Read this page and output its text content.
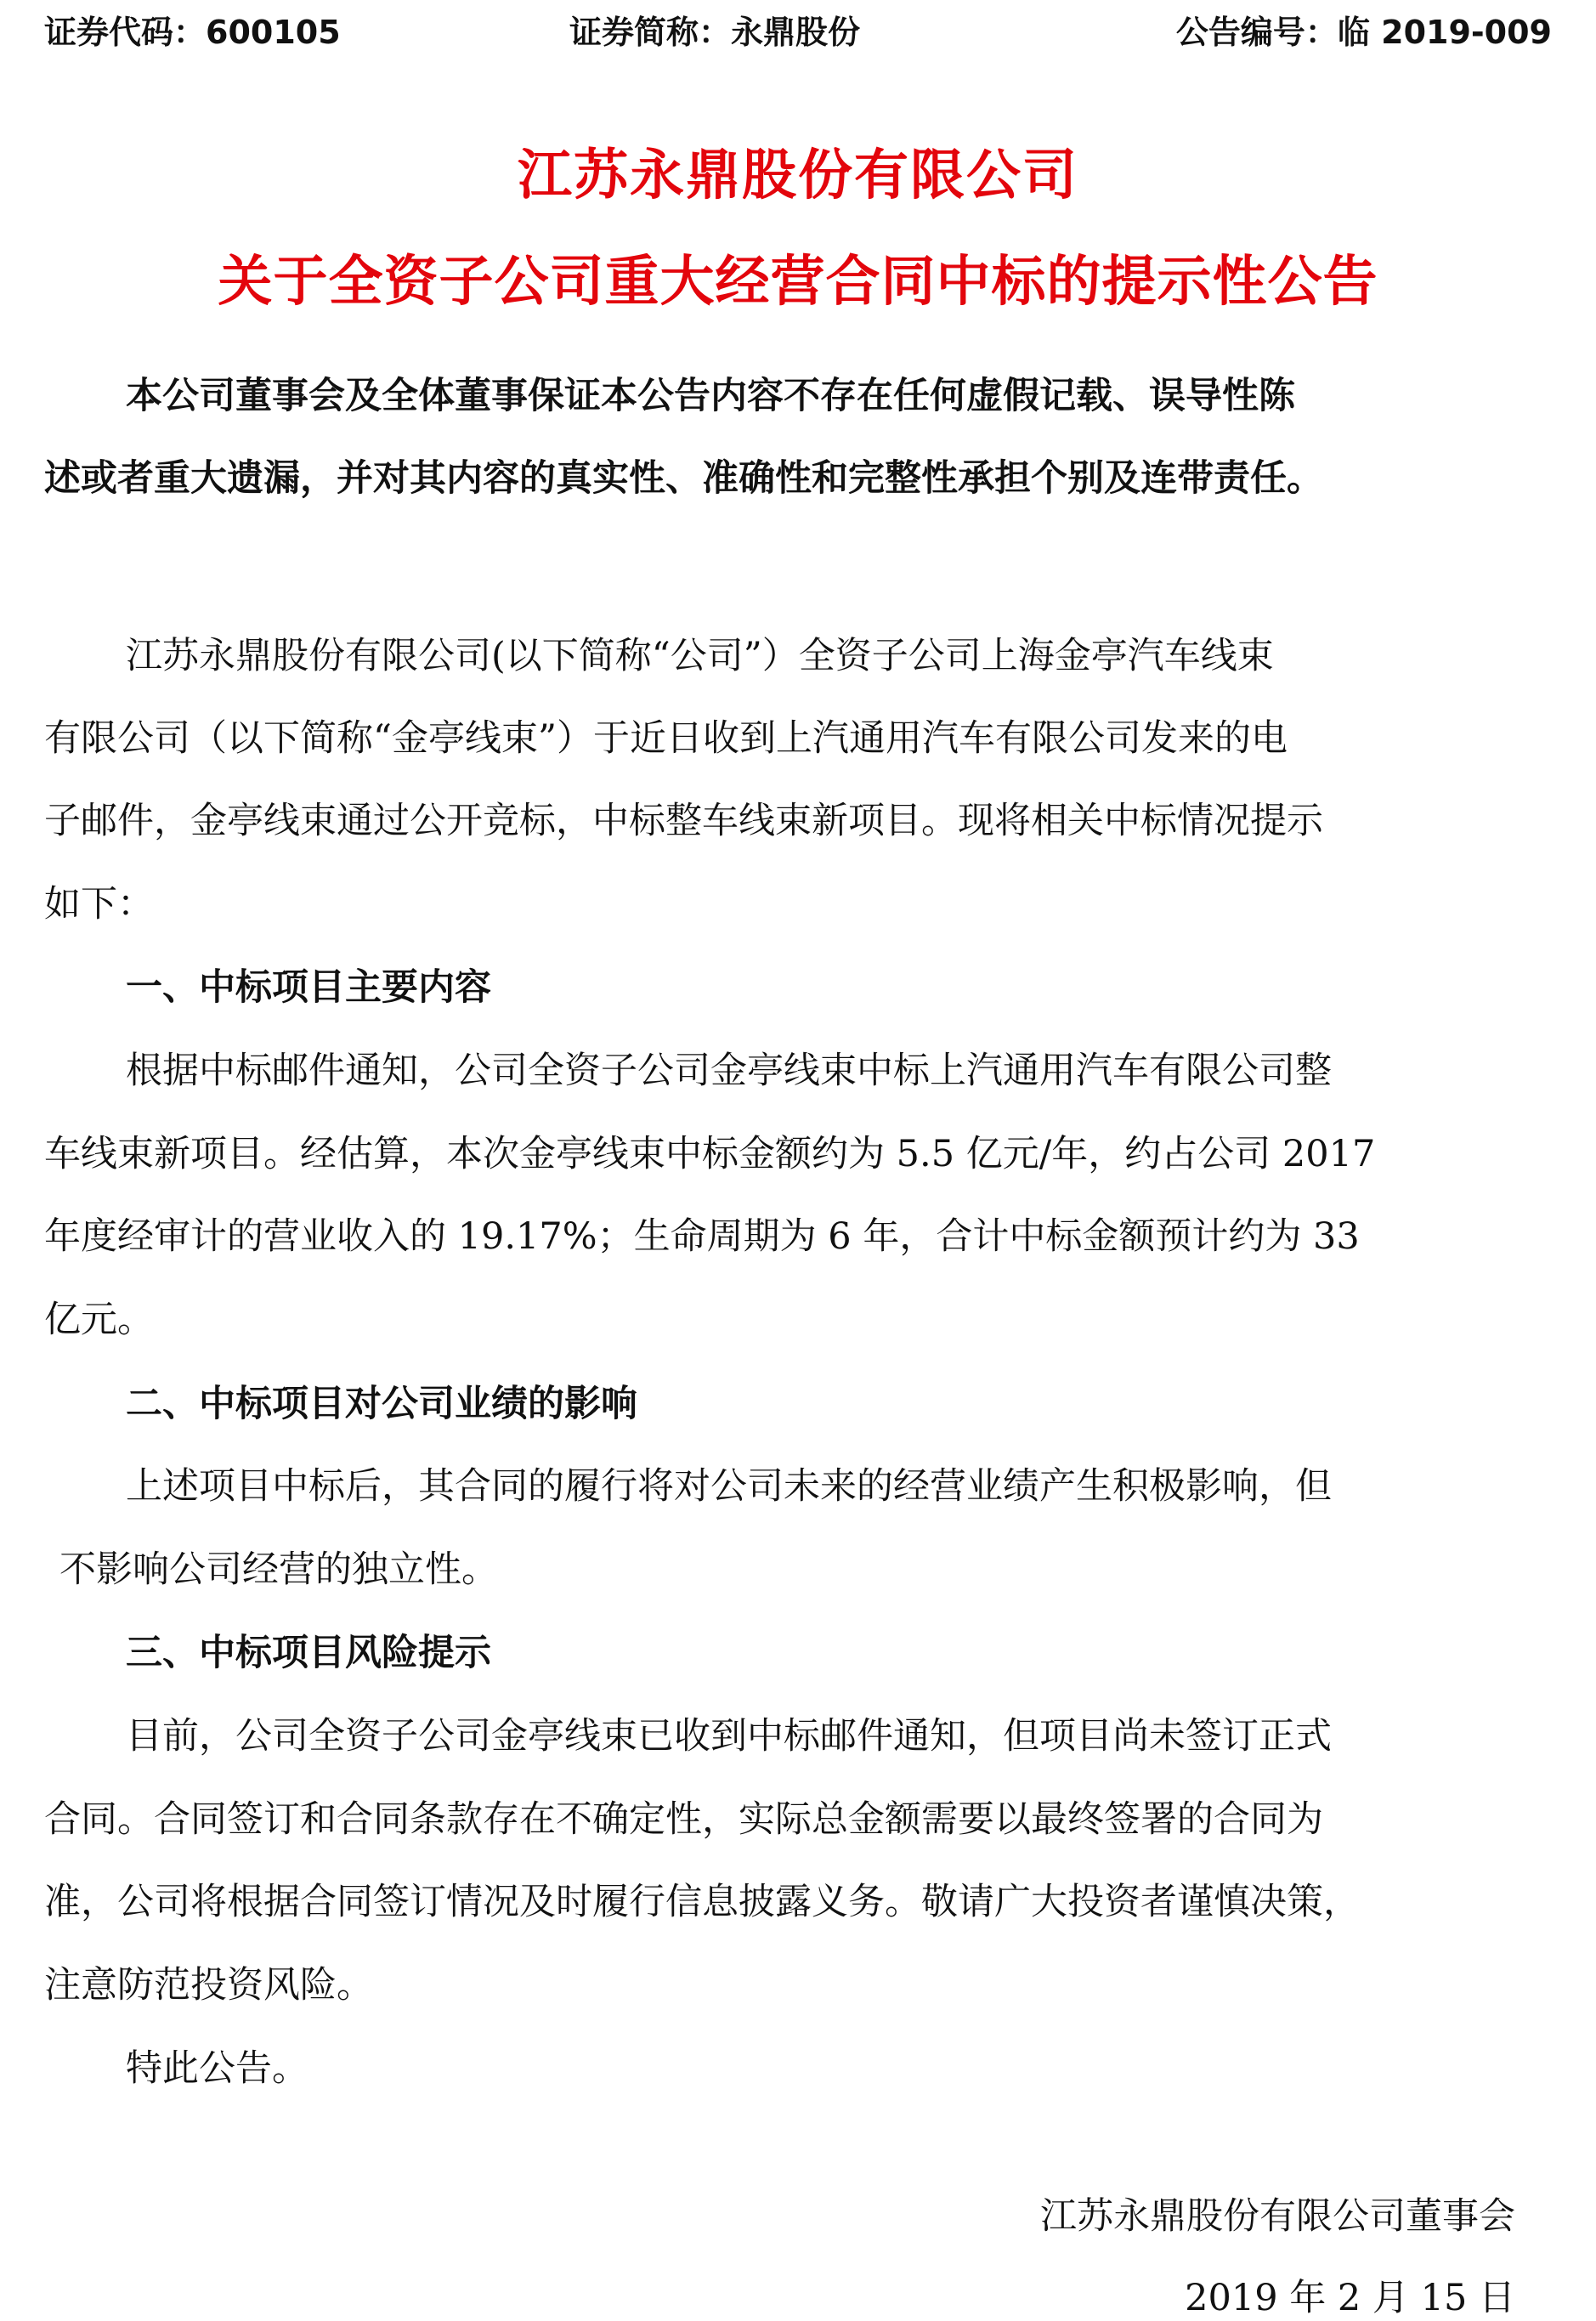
证券代码：600105	证券简称：永鼎股份	公告编号：临 2019-009
江苏永鼎股份有限公司
关于全资子公司重大经营合同中标的提示性公告
本公司董事会及全体董事保证本公告内容不存在任何虚假记载、误导性陈
述或者重大遗漏，并对其内容的真实性、准确性和完整性承担个别及连带责任。
江苏永鼎股份有限公司(以下简称“公司”）全资子公司上海金亭汽车线束
有限公司（以下简称“金亭线束”）于近日收到上汽通用汽车有限公司发来的电
子邮件，金亭线束通过公开竞标，中标整车线束新项目。现将相关中标情况提示
如下：
一、中标项目主要内容
根据中标邮件通知，公司全资子公司金亭线束中标上汽通用汽车有限公司整
车线束新项目。经估算，本次金亭线束中标金额约为 5.5 亿元/年，约占公司 2017
年度经审计的营业收入的 19.17%；生命周期为 6 年，合计中标金额预计约为 33
亿元。
二、中标项目对公司业绩的影响
上述项目中标后，其合同的履行将对公司未来的经营业绩产生积极影响，但
不影响公司经营的独立性。
三、中标项目风险提示
目前，公司全资子公司金亭线束已收到中标邮件通知，但项目尚未签订正式
合同。合同签订和合同条款存在不确定性，实际总金额需要以最终签署的合同为
准，公司将根据合同签订情况及时履行信息披露义务。敬请广大投资者谨慎决策，
注意防范投资风险。
特此公告。
江苏永鼎股份有限公司董事会
2019 年 2 月 15 日
